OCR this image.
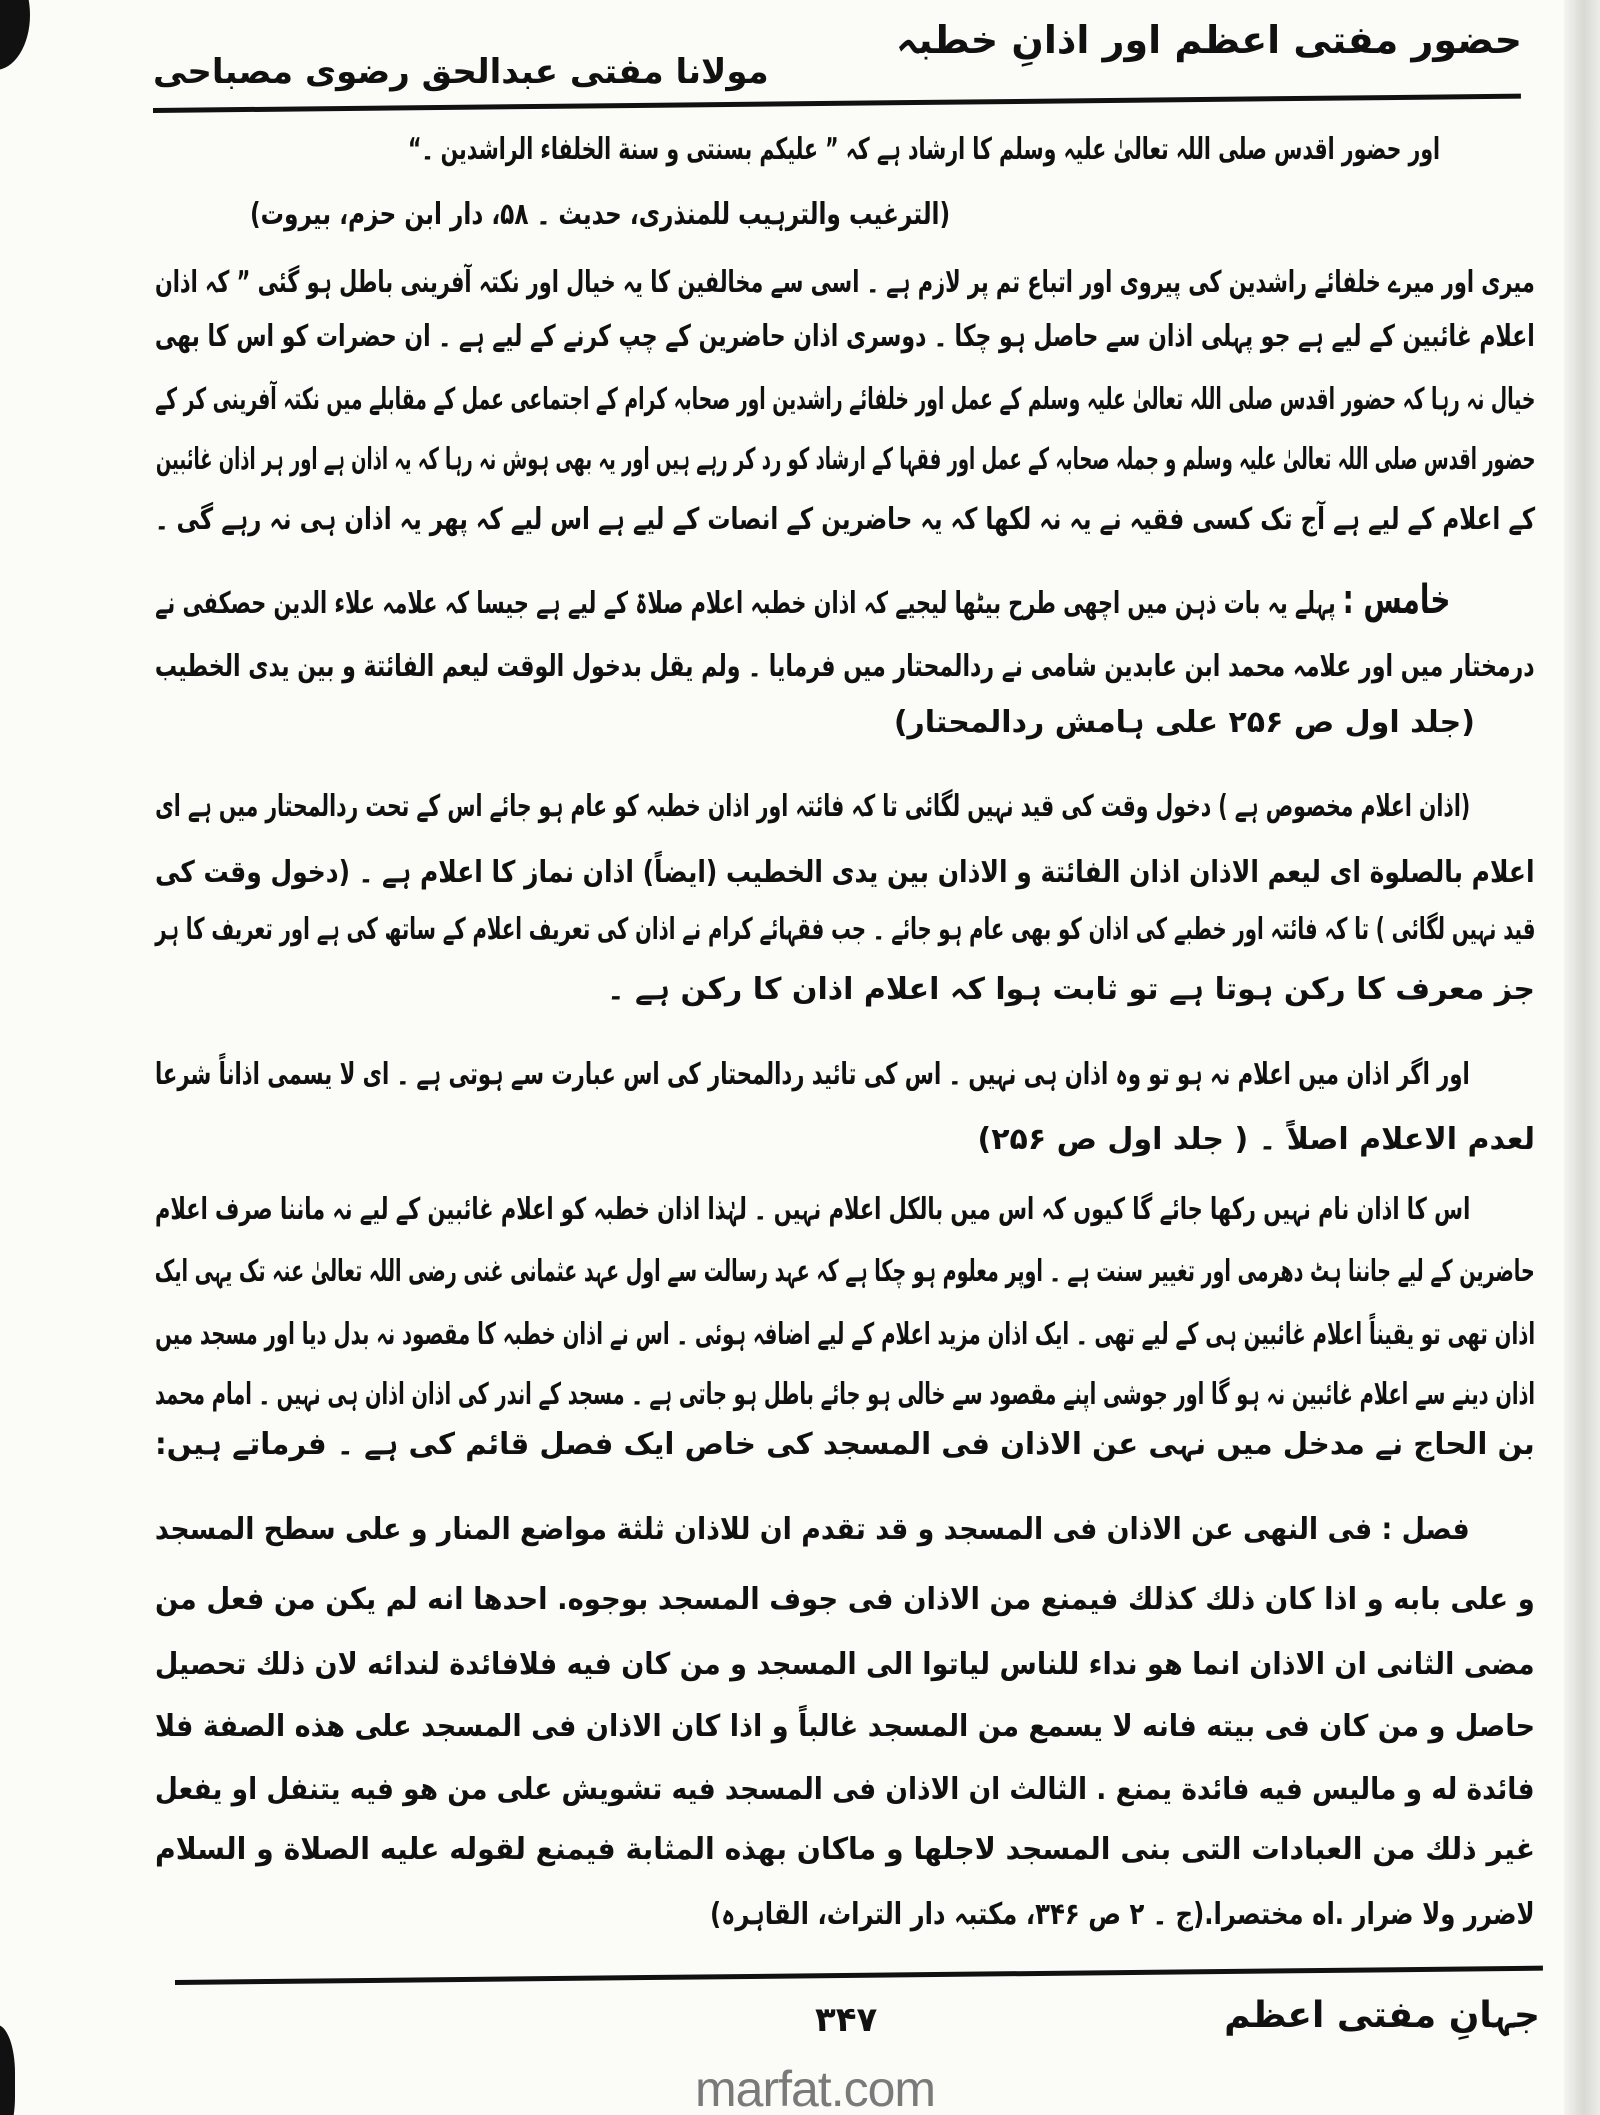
حضور مفتی اعظم اور اذانِ خطبہ
مولانا مفتی عبدالحق رضوی مصباحی
اور حضور اقدس صلی اللہ تعالیٰ علیہ وسلم کا ارشاد ہے کہ ” علیکم بسنتی و سنة الخلفاء الراشدین ۔“
(الترغیب والترہیب للمنذری، حدیث ۔ ۵۸، دار ابن حزم، بیروت)
میری اور میرے خلفائے راشدین کی پیروی اور اتباع تم پر لازم ہے ۔ اسی سے مخالفین کا یہ خیال اور نکتہ آفرینی باطل ہو گئی ” کہ اذان
اعلام غائبین کے لیے ہے جو پہلی اذان سے حاصل ہو چکا ۔ دوسری اذان حاضرین کے چپ کرنے کے لیے ہے ۔ ان حضرات کو اس کا بھی
خیال نہ رہا کہ حضور اقدس صلی اللہ تعالیٰ علیہ وسلم کے عمل اور خلفائے راشدین اور صحابہ کرام کے اجتماعی عمل کے مقابلے میں نکتہ آفرینی کر کے
حضور اقدس صلی اللہ تعالیٰ علیہ وسلم و جملہ صحابہ کے عمل اور فقہا کے ارشاد کو رد کر رہے ہیں اور یہ بھی ہوش نہ رہا کہ یہ اذان ہے اور ہر اذان غائبین
کے اعلام کے لیے ہے آج تک کسی فقیہ نے یہ نہ لکھا کہ یہ حاضرین کے انصات کے لیے ہے اس لیے کہ پھر یہ اذان ہی نہ رہے گی ۔
خامس :پہلے یہ بات ذہن میں اچھی طرح بیٹھا لیجیے کہ اذان خطبہ اعلام صلاۃ کے لیے ہے جیسا کہ علامہ علاء الدین حصکفی نے
درمختار میں اور علامہ محمد ابن عابدین شامی نے ردالمحتار میں فرمایا ۔ ولم یقل بدخول الوقت لیعم الفائتة و بین یدی الخطیب
(جلد اول ص ۲۵۶ علی ہامش ردالمحتار)
(اذان اعلام مخصوص ہے ) دخول وقت کی قید نہیں لگائی تا کہ فائتہ اور اذان خطبہ کو عام ہو جائے اس کے تحت ردالمحتار میں ہے ای
اعلام بالصلوة ای لیعم الاذان اذان الفائتة و الاذان بین یدی الخطیب (ایضاً) اذان نماز کا اعلام ہے ۔ (دخول وقت کی
قید نہیں لگائی ) تا کہ فائتہ اور خطبے کی اذان کو بھی عام ہو جائے ۔ جب فقہائے کرام نے اذان کی تعریف اعلام کے ساتھ کی ہے اور تعریف کا ہر
جز معرف کا رکن ہوتا ہے تو ثابت ہوا کہ اعلام اذان کا رکن ہے ۔
اور اگر اذان میں اعلام نہ ہو تو وہ اذان ہی نہیں ۔ اس کی تائید ردالمحتار کی اس عبارت سے ہوتی ہے ۔ ای لا یسمی اذاناً شرعا
لعدم الاعلام اصلاً ۔ ( جلد اول ص ۲۵۶)
اس کا اذان نام نہیں رکھا جائے گا کیوں کہ اس میں بالکل اعلام نہیں ۔ لہٰذا اذان خطبہ کو اعلام غائبین کے لیے نہ ماننا صرف اعلام
حاضرین کے لیے جاننا ہٹ دھرمی اور تغییر سنت ہے ۔ اوپر معلوم ہو چکا ہے کہ عہد رسالت سے اول عہد عثمانی غنی رضی اللہ تعالیٰ عنہ تک یہی ایک
اذان تھی تو یقیناً اعلام غائبین ہی کے لیے تھی ۔ ایک اذان مزید اعلام کے لیے اضافہ ہوئی ۔ اس نے اذان خطبہ کا مقصود نہ بدل دیا اور مسجد میں
اذان دینے سے اعلام غائبین نہ ہو گا اور جوشی اپنے مقصود سے خالی ہو جائے باطل ہو جاتی ہے ۔ مسجد کے اندر کی اذان اذان ہی نہیں ۔ امام محمد
بن الحاج نے مدخل میں نہی عن الاذان فی المسجد کی خاص ایک فصل قائم کی ہے ۔ فرماتے ہیں:
فصل : فی النهی عن الاذان فی المسجد و قد تقدم ان للاذان ثلثة مواضع المنار و علی سطح المسجد
و علی بابه و اذا کان ذلك كذلك فیمنع من الاذان فی جوف المسجد بوجوه. احدها انه لم یکن من فعل من
مضی الثانی ان الاذان انما هو نداء للناس لیاتوا الی المسجد و من کان فیه فلافائدة لندائه لان ذلك تحصیل
حاصل و من کان فی بیته فانه لا یسمع من المسجد غالباً و اذا کان الاذان فی المسجد علی هذه الصفة فلا
فائدة له و مالیس فیه فائدة یمنع . الثالث ان الاذان فی المسجد فیه تشویش علی من هو فیه یتنفل او یفعل
غیر ذلك من العبادات التی بنی المسجد لاجلها و ماکان بهذه المثابة فیمنع لقوله علیه الصلاة و السلام
لاضرر ولا ضرار .اه مختصرا.(ج ۔ ۲ ص ۳۴۶، مکتبہ دار التراث، القاہرہ)
جہانِ مفتی اعظم
۳۴۷
marfat.com
